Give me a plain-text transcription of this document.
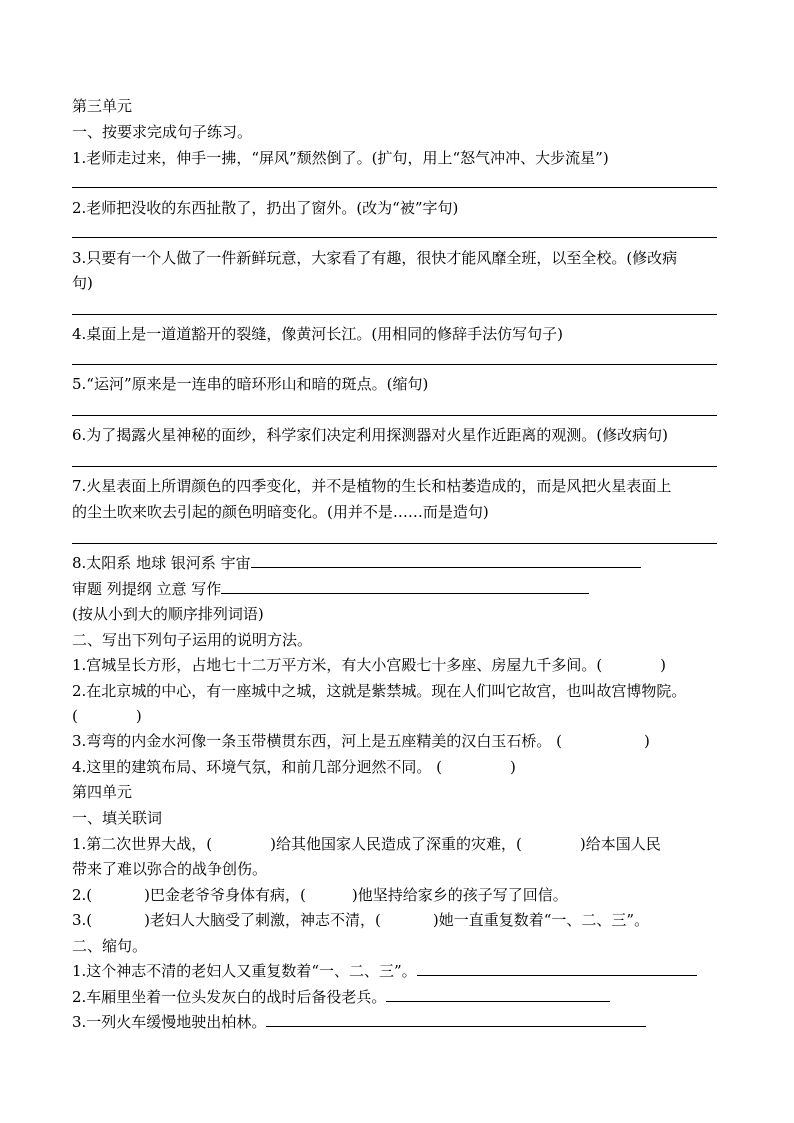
第三单元
一、按要求完成句子练习。
1.老师走过来，伸手一拂，“屏风”颓然倒了。(扩句，用上“怒气冲冲、大步流星”)
2.老师把没收的东西扯散了，扔出了窗外。(改为“被”字句)
3.只要有一个人做了一件新鲜玩意，大家看了有趣，很快才能风靡全班，以至全校。(修改病
句)
4.桌面上是一道道豁开的裂缝，像黄河长江。(用相同的修辞手法仿写句子)
5.“运河”原来是一连串的暗环形山和暗的斑点。(缩句)
6.为了揭露火星神秘的面纱，科学家们决定利用探测器对火星作近距离的观测。(修改病句)
7.火星表面上所谓颜色的四季变化，并不是植物的生长和枯萎造成的，而是风把火星表面上
的尘土吹来吹去引起的颜色明暗变化。(用并不是……而是造句)
8.太阳系 地球 银河系 宇宙
审题 列提纲 立意 写作
(按从小到大的顺序排列词语)
二、写出下列句子运用的说明方法。
1.宫城呈长方形，占地七十二万平方米，有大小宫殿七十多座、房屋九千多间。(	)
2.在北京城的中心，有一座城中之城，这就是紫禁城。现在人们叫它故宫，也叫故宫博物院。
(	)
3.弯弯的内金水河像一条玉带横贯东西，河上是五座精美的汉白玉石桥。 (	)
4.这里的建筑布局、环境气氛，和前几部分迥然不同。 (	)
第四单元
一、填关联词
1.第二次世界大战，(	)给其他国家人民造成了深重的灾难，(	)给本国人民
带来了难以弥合的战争创伤。
2.(	)巴金老爷爷身体有病，(	)他坚持给家乡的孩子写了回信。
3.(	)老妇人大脑受了刺激，神志不清，(	)她一直重复数着“一、二、三”。
二、缩句。
1.这个神志不清的老妇人又重复数着“一、二、三”。
2.车厢里坐着一位头发灰白的战时后备役老兵。
3.一列火车缓慢地驶出柏林。
